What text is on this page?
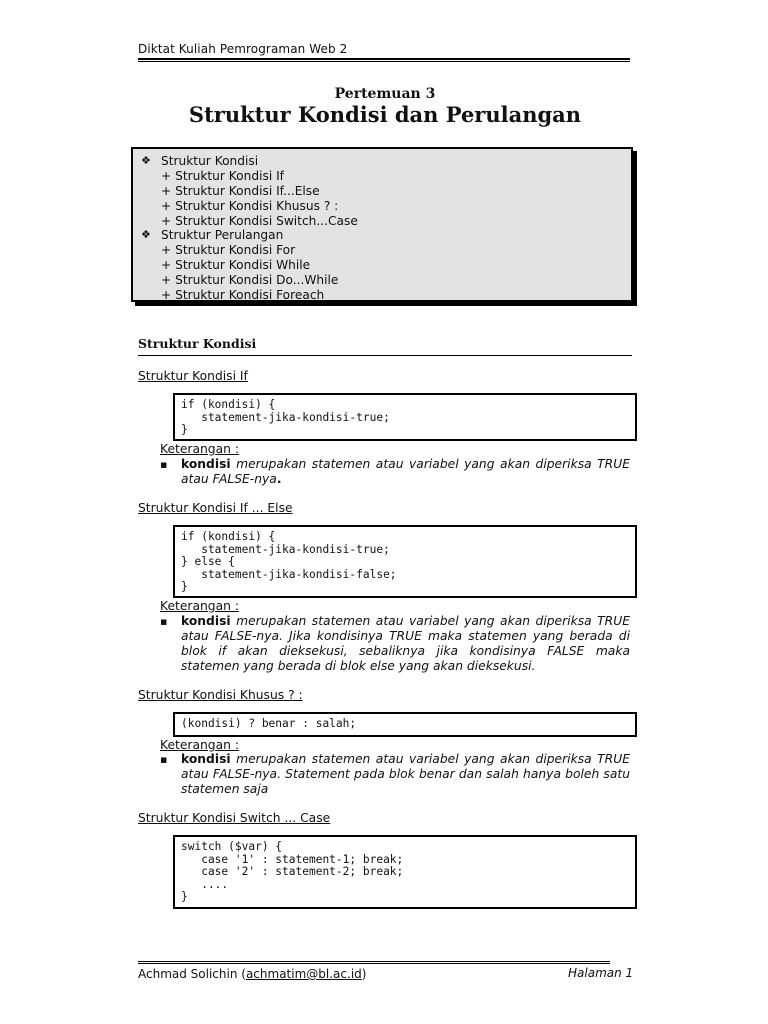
Diktat Kuliah Pemrograman Web 2
Pertemuan 3
Struktur Kondisi dan Perulangan
❖ Struktur Kondisi
+ Struktur Kondisi If
+ Struktur Kondisi If...Else
+ Struktur Kondisi Khusus ? :
+ Struktur Kondisi Switch...Case
❖ Struktur Perulangan
+ Struktur Kondisi For
+ Struktur Kondisi While
+ Struktur Kondisi Do...While
+ Struktur Kondisi Foreach
Struktur Kondisi
Struktur Kondisi If
if (kondisi) {
statement-jika-kondisi-true;
}
Keterangan :
▪ kondisi merupakan statemen atau variabel yang akan diperiksa TRUE atau FALSE-nya.
Struktur Kondisi If ... Else
if (kondisi) {
statement-jika-kondisi-true;
} else {
statement-jika-kondisi-false;
}
Keterangan :
▪ kondisi merupakan statemen atau variabel yang akan diperiksa TRUE atau FALSE-nya. Jika kondisinya TRUE maka statemen yang berada di blok if akan dieksekusi, sebaliknya jika kondisinya FALSE maka statemen yang berada di blok else yang akan dieksekusi.
Struktur Kondisi Khusus ? :
(kondisi) ? benar : salah;
Keterangan :
▪ kondisi merupakan statemen atau variabel yang akan diperiksa TRUE atau FALSE-nya. Statement pada blok benar dan salah hanya boleh satu statemen saja
Struktur Kondisi Switch ... Case
switch ($var) {
case '1' : statement-1; break;
case '2' : statement-2; break;
....
}
Achmad Solichin (achmatim@bl.ac.id)	Halaman 1
